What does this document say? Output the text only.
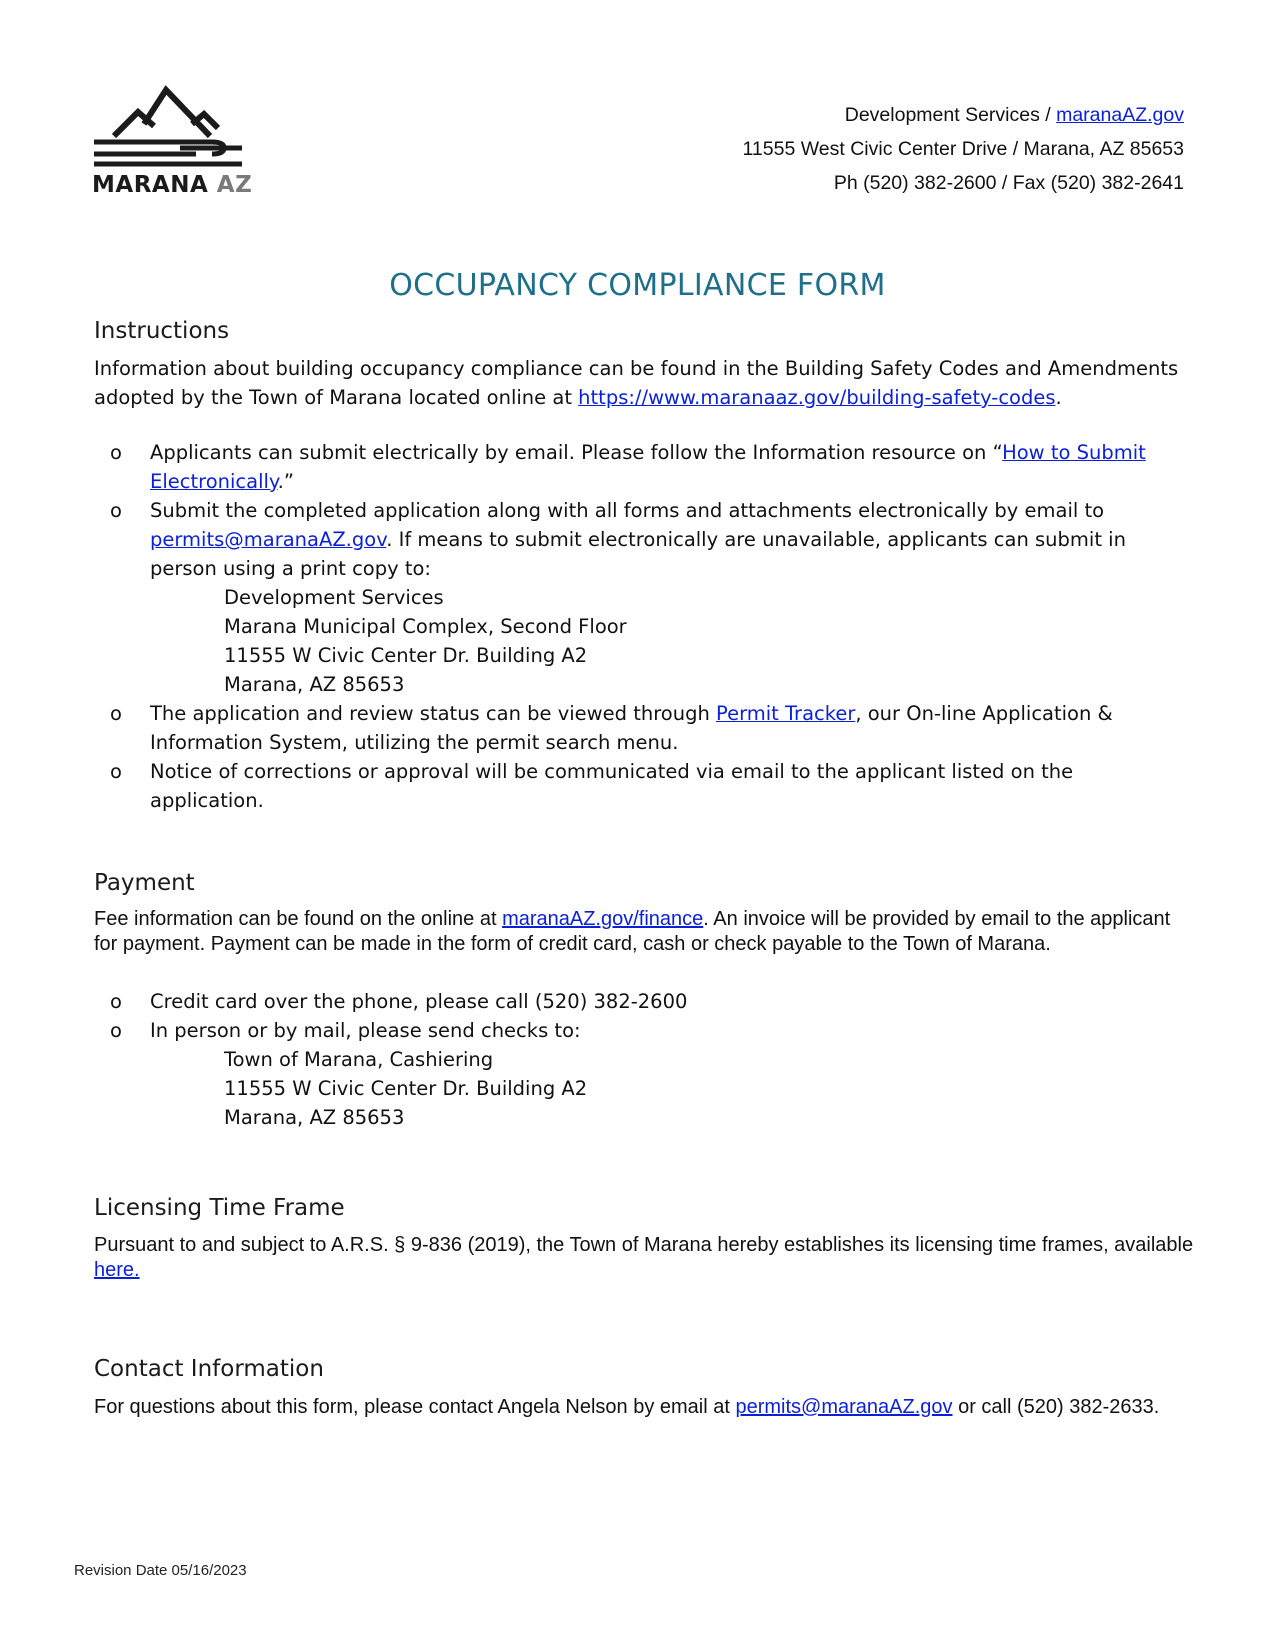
MARANA AZ
Development Services / maranaAZ.gov
11555 West Civic Center Drive / Marana, AZ 85653
Ph (520) 382-2600 / Fax (520) 382-2641
OCCUPANCY COMPLIANCE FORM
Instructions
Information about building occupancy compliance can be found in the Building Safety Codes and Amendments adopted by the Town of Marana located online at https://www.maranaaz.gov/building-safety-codes.
o Applicants can submit electrically by email. Please follow the Information resource on “How to Submit Electronically.”
o Submit the completed application along with all forms and attachments electronically by email to permits@maranaAZ.gov. If means to submit electronically are unavailable, applicants can submit in person using a print copy to:
Development Services
Marana Municipal Complex, Second Floor
11555 W Civic Center Dr. Building A2
Marana, AZ 85653
o The application and review status can be viewed through Permit Tracker, our On-line Application & Information System, utilizing the permit search menu.
o Notice of corrections or approval will be communicated via email to the applicant listed on the application.
Payment
Fee information can be found on the online at maranaAZ.gov/finance. An invoice will be provided by email to the applicant for payment. Payment can be made in the form of credit card, cash or check payable to the Town of Marana.
o Credit card over the phone, please call (520) 382-2600
o In person or by mail, please send checks to:
Town of Marana, Cashiering
11555 W Civic Center Dr. Building A2
Marana, AZ 85653
Licensing Time Frame
Pursuant to and subject to A.R.S. § 9-836 (2019), the Town of Marana hereby establishes its licensing time frames, available here.
Contact Information
For questions about this form, please contact Angela Nelson by email at permits@maranaAZ.gov or call (520) 382-2633.
Revision Date 05/16/2023
